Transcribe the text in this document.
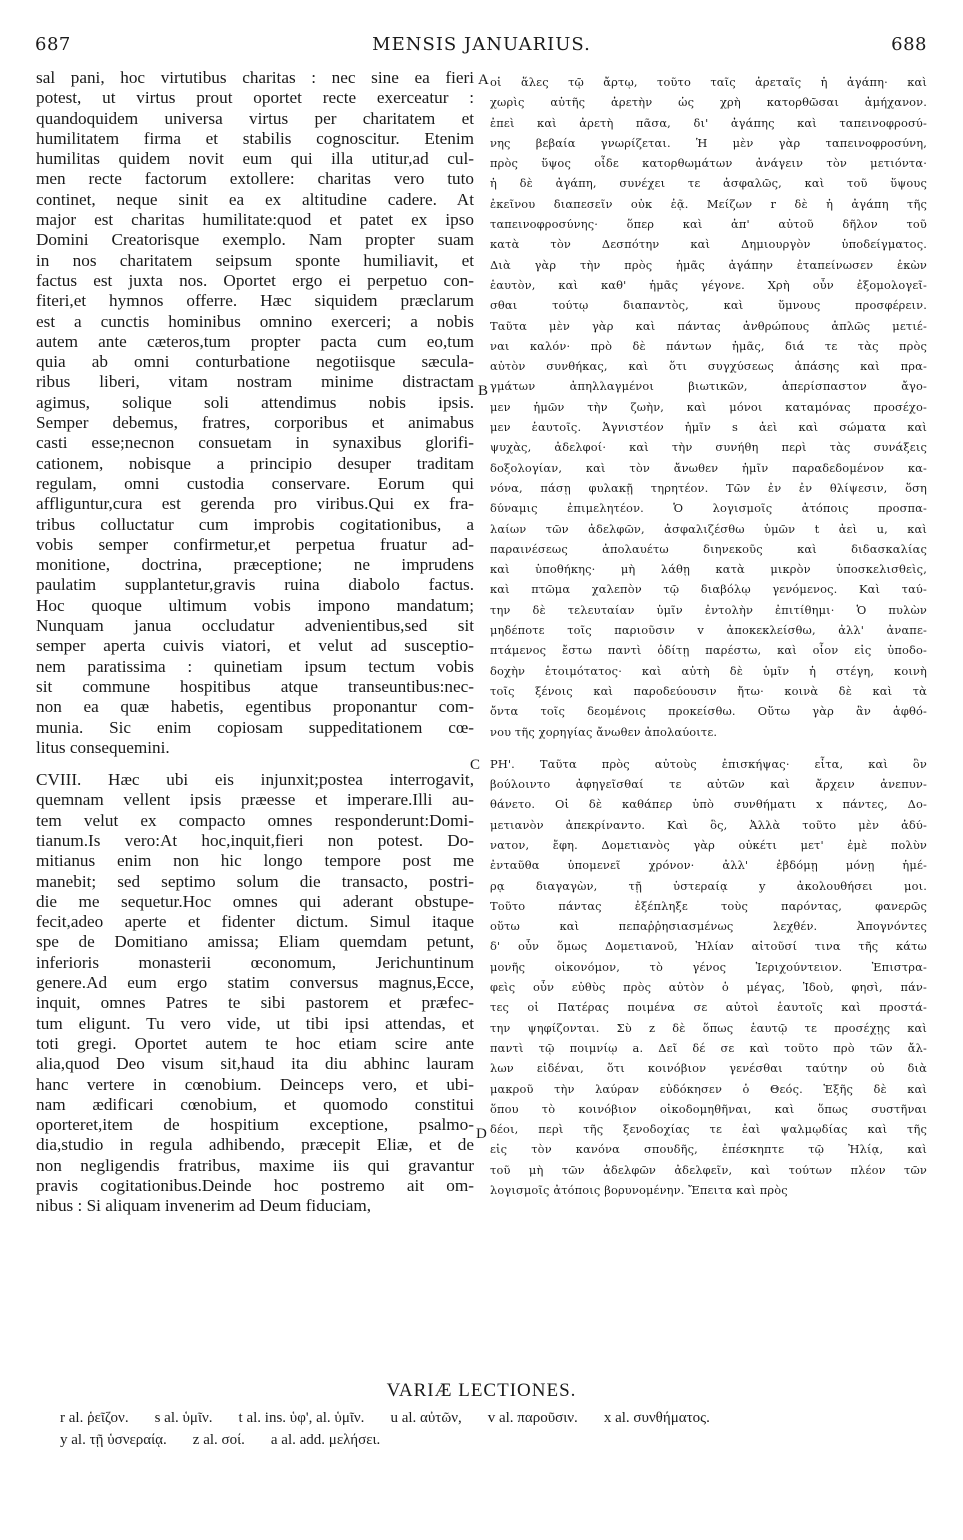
687	MENSIS JANUARIUS.	688
sal pani, hoc virtutibus charitas : nec sine ea fieri
potest, ut virtus prout oportet recte exerceatur :
quandoquidem universa virtus per charitatem et
humilitatem firma et stabilis cognoscitur. Etenim
humilitas quidem novit eum qui illa utitur,ad cul-
men recte factorum extollere: charitas vero tuto
continet, neque sinit ea ex altitudine cadere. At
major est charitas humilitate:quod et patet ex ipso
Domini Creatorisque exemplo. Nam propter suam
in nos charitatem seipsum sponte humiliavit, et
factus est juxta nos. Oportet ergo ei perpetuo con-
fiteri,et hymnos offerre. Hæc siquidem præclarum
est a cunctis hominibus omnino exerceri; a nobis
autem ante cæteros,tum propter pacta cum eo,tum
quia ab omni conturbatione negotiisque sæcula-
ribus liberi, vitam nostram minime distractam
agimus, solique soli attendimus nobis ipsis.
Semper debemus, fratres, corporibus et animabus
casti esse;necnon consuetam in synaxibus glorifi-
cationem, nobisque a principio desuper traditam
regulam, omni custodia conservare. Eorum qui
affliguntur,cura est gerenda pro viribus.Qui ex fra-
tribus colluctatur cum improbis cogitationibus, a
vobis semper confirmetur,et perpetua fruatur ad-
monitione, doctrina, præceptione; ne imprudens
paulatim supplantetur,gravis ruina diabolo factus.
Hoc quoque ultimum vobis impono mandatum;
Nunquam janua occludatur advenientibus,sed sit
semper aperta cuivis viatori, et velut ad susceptio-
nem paratissima : quinetiam ipsum tectum vobis
sit commune hospitibus atque transeuntibus:nec-
non ea quæ habetis, egentibus proponantur com-
munia. Sic enim copiosam suppeditationem cœ-
litus consequemini.
CVIII. Hæc ubi eis injunxit;postea interrogavit,
quemnam vellent ipsis præesse et imperare.Illi au-
tem velut ex compacto omnes responderunt:Domi-
tianum.Is vero:At hoc,inquit,fieri non potest. Do-
mitianus enim non hic longo tempore post me
manebit; sed septimo solum die transacto, postri-
die me sequetur.Hoc omnes qui aderant obstupe-
fecit,adeo aperte et fidenter dictum. Simul itaque
spe de Domitiano amissa; Eliam quemdam petunt,
inferioris monasterii œconomum, Jerichuntinum
genere.Ad eum ergo statim conversus magnus,Ecce,
inquit, omnes Patres te sibi pastorem et præfec-
tum eligunt. Tu vero vide, ut tibi ipsi attendas, et
toti gregi. Oportet autem te hoc etiam scire ante
alia,quod Deo visum sit,haud ita diu abhinc lauram
hanc vertere in cœnobium. Deinceps vero, et ubi-
nam ædificari cœnobium, et quomodo constitui
oporteret,item de hospitium exceptione, psalmo-
dia,studio in regula adhibendo, præcepit Eliæ, et de
non negligendis fratribus, maxime iis qui gravantur
pravis cogitationibus.Deinde hoc postremo ait om-
nibus : Si aliquam invenerim ad Deum fiduciam,
οἱ ἅλες τῷ ἄρτῳ, τοῦτο ταῖς ἀρεταῖς ἡ ἀγάπη· καὶ
χωρὶς αὐτῆς ἀρετὴν ὡς χρὴ κατορθῶσαι ἀμήχανον.
ἐπεὶ καὶ ἀρετὴ πᾶσα, δι' ἀγάπης καὶ ταπεινοφροσύ-
νης βεβαία γνωρίζεται. Ἡ μὲν γὰρ ταπεινοφροσύνη,
πρὸς ὕψος οἶδε κατορθωμάτων ἀνάγειν τὸν μετιόντα·
ἡ δὲ ἀγάπη, συνέχει τε ἀσφαλῶς, καὶ τοῦ ὕψους
ἐκεῖνου διαπεσεῖν οὐκ ἐᾷ. Μείζων r δὲ ἡ ἀγάπη τῆς
ταπεινοφροσύνης· ὅπερ καὶ ἀπ' αὐτοῦ δῆλον τοῦ
κατὰ τὸν Δεσπότην καὶ Δημιουργὸν ὑποδείγματος.
Διὰ γὰρ τὴν πρὸς ἡμᾶς ἀγάπην ἐταπείνωσεν ἑκὼν
ἑαυτὸν, καὶ καθ' ἡμᾶς γέγονε. Χρὴ οὖν ἐξομολογεῖ-
σθαι τούτῳ διαπαντὸς, καὶ ὕμνους προσφέρειν.
Ταῦτα μὲν γὰρ καὶ πάντας ἀνθρώπους ἁπλῶς μετιέ-
ναι καλόν· πρὸ δὲ πάντων ἡμᾶς, διά τε τὰς πρὸς
αὐτὸν συνθήκας, καὶ ὅτι συγχύσεως ἁπάσης καὶ πρα-
γμάτων ἀπηλλαγμένοι βιωτικῶν, ἀπερίσπαστον ἄγο-
μεν ἡμῶν τὴν ζωὴν, καὶ μόνοι καταμόνας προσέχο-
μεν ἑαυτοῖς. Ἁγνιστέον ἡμῖν s ἀεὶ καὶ σώματα καὶ
ψυχὰς, ἀδελφοί· καὶ τὴν συνήθη περὶ τὰς συνάξεις
δοξολογίαν, καὶ τὸν ἄνωθεν ἡμῖν παραδεδομένον κα-
νόνα, πάσῃ φυλακῇ τηρητέον. Τῶν ἐν ἐν θλίψεσιν, ὅση
δύναμις ἐπιμελητέον. Ὁ λογισμοῖς ἀτόποις προσπα-
λαίων τῶν ἀδελφῶν, ἀσφαλιζέσθω ὑμῶν t ἀεὶ u, καὶ
παραινέσεως ἀπολαυέτω διηνεκοῦς καὶ διδασκαλίας
καὶ ὑποθήκης· μὴ λάθῃ κατὰ μικρὸν ὑποσκελισθεὶς,
καὶ πτῶμα χαλεπὸν τῷ διαβόλῳ γενόμενος. Καὶ ταύ-
την δὲ τελευταίαν ὑμῖν ἐντολὴν ἐπιτίθημι· Ὁ πυλὼν
μηδέποτε τοῖς παριοῦσιν v ἀποκεκλείσθω, ἀλλ' ἀναπε-
πτάμενος ἔστω παντὶ ὁδίτῃ παρέστω, καὶ οἷον εἰς ὑποδο-
δοχὴν ἑτοιμότατος· καὶ αὐτὴ δὲ ὑμῖν ἡ στέγη, κοινὴ
τοῖς ξένοις καὶ παροδεύουσιν ἤτω· κοινὰ δὲ καὶ τὰ
ὄντα τοῖς δεομένοις προκείσθω. Οὕτω γὰρ ἂν ἀφθό-
νου τῆς χορηγίας ἄνωθεν ἀπολαύοιτε.
ΡΗ'. Ταῦτα πρὸς αὐτοὺς ἐπισκήψας· εἶτα, καὶ ὃν
βούλοιντο ἀφηγεῖσθαί τε αὐτῶν καὶ ἄρχειν ἀνεπυν-
θάνετο. Οἱ δὲ καθάπερ ὑπὸ συνθήματι x πάντες, Δο-
μετιανὸν ἀπεκρίναντο. Καὶ ὃς, Ἀλλὰ τοῦτο μὲν ἀδύ-
νατον, ἔφη. Δομετιανὸς γὰρ οὐκέτι μετ' ἐμὲ πολὺν
ἐνταῦθα ὑπομενεῖ χρόνον· ἀλλ' ἑβδόμῃ μόνῃ ἡμέ-
ρᾳ διαγαγὼν, τῇ ὑστεραίᾳ y ἀκολουθήσει μοι.
Τοῦτο πάντας ἐξέπληξε τοὺς παρόντας, φανερῶς
οὕτω καὶ πεπαῤῥησιασμένως λεχθέν. Ἀπογνόντες
δ' οὖν ὅμως Δομετιανοῦ, Ἠλίαν αἰτοῦσί τινα τῆς κάτω
μονῆς οἰκονόμον, τὸ γένος Ἱεριχούντειον. Ἐπιστρα-
φεὶς οὖν εὐθὺς πρὸς αὐτὸν ὁ μέγας, Ἰδοὺ, φησὶ, πάν-
τες οἱ Πατέρας ποιμένα σε αὐτοὶ ἑαυτοῖς καὶ προστά-
την ψηφίζονται. Σὺ z δὲ ὅπως ἑαυτῷ τε προσέχῃς καὶ
παντὶ τῷ ποιμνίῳ a. Δεῖ δέ σε καὶ τοῦτο πρὸ τῶν ἄλ-
λων εἰδέναι, ὅτι κοινόβιον γενέσθαι ταύτην οὐ διὰ
μακροῦ τὴν λαύραν εὐδόκησεν ὁ Θεός. Ἑξῆς δὲ καὶ
ὅπου τὸ κοινόβιον οἰκοδομηθῆναι, καὶ ὅπως συστῆναι
δέοι, περὶ τῆς ξενοδοχίας τε ἐαὶ ψαλμῳδίας καὶ τῆς
εἰς τὸν κανόνα σπουδῆς, ἐπέσκηπτε τῷ Ἠλίᾳ, καὶ
τοῦ μὴ τῶν ἀδελφῶν ἀδελφεῖν, καὶ τούτων πλέον τῶν
λογισμοῖς ἀτόποις βορυνομένην. Ἔπειτα καὶ πρὸς
A
B
C
D
VARIÆ LECTIONES.
r al. ῥεῖζον. s al. ὑμῖν. t al. ins. ὑφ', al. ὑμῖν. u al. αὐτῶν, v al. παροῦσιν. x al. συνθήματος.
y al. τῇ ὑσνεραίᾳ. z al. σοί. a al. add. μελήσει.
